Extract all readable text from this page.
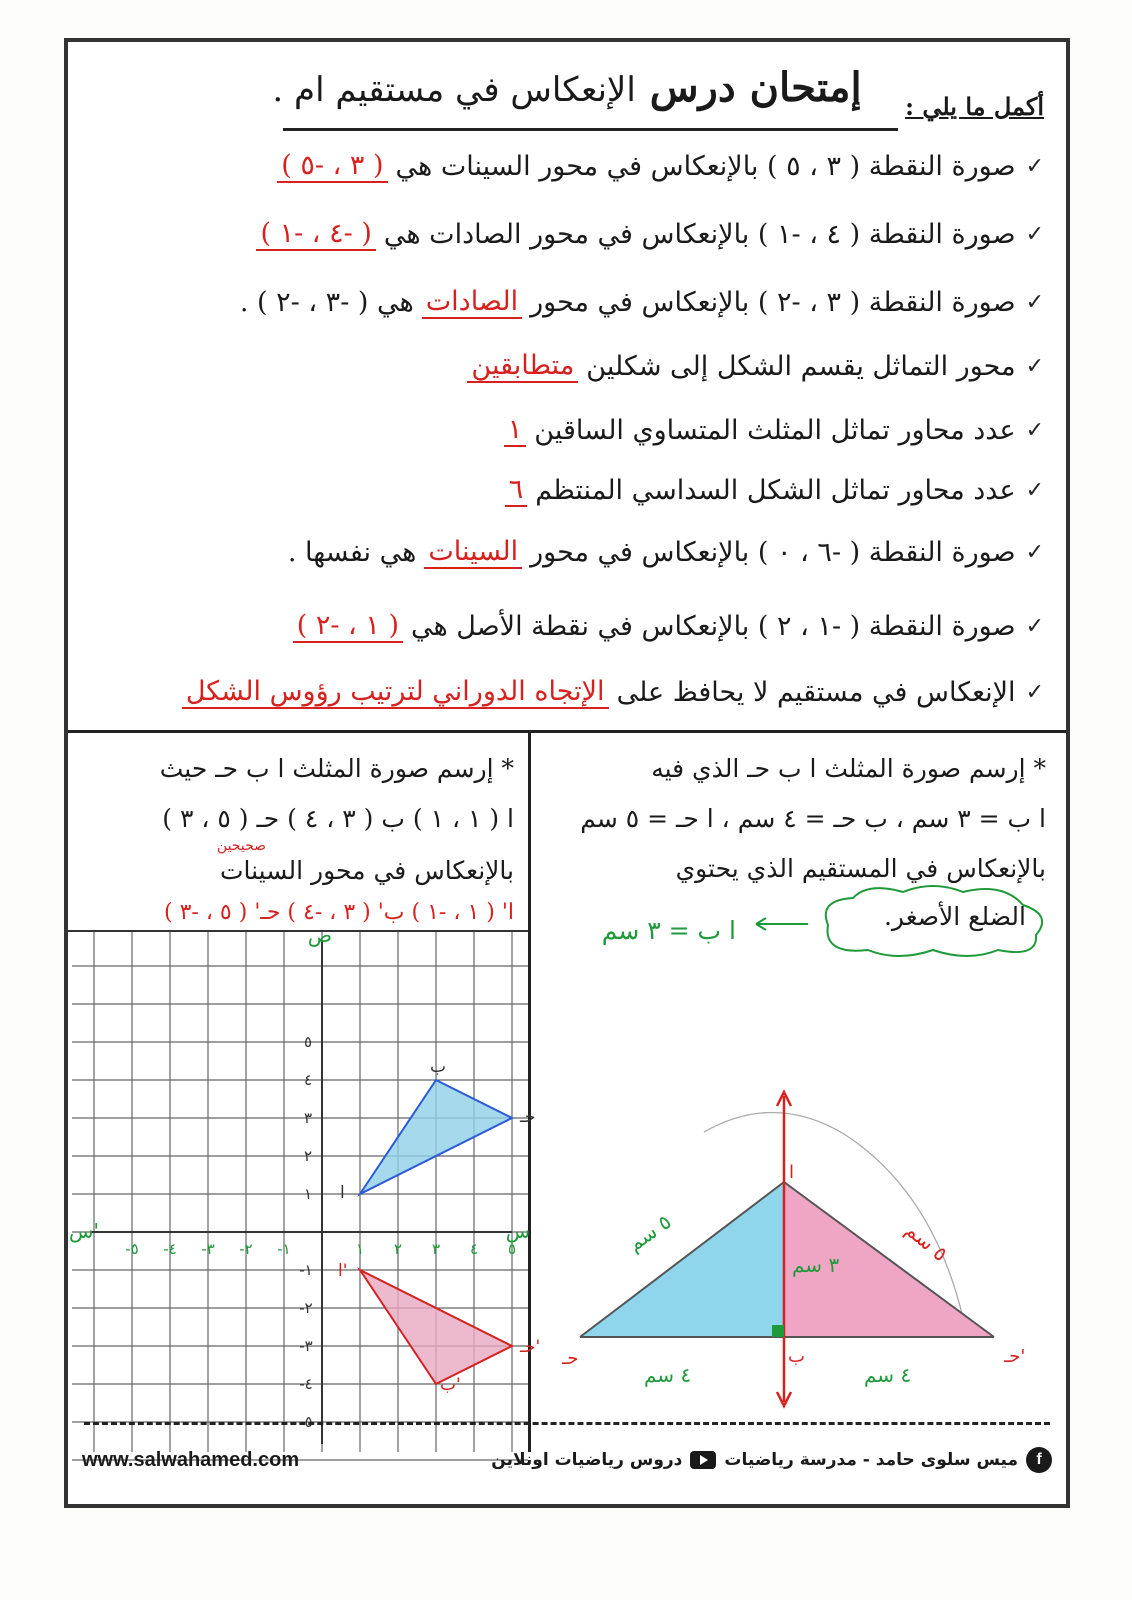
إمتحان درس الإنعكاس في مستقيم ام .	أكمل ما يلي :
✓
صورة النقطة ( ٣ ، ٥ ) بالإنعكاس في محور السينات هي
( ٣ ، -٥ )
✓
صورة النقطة ( ٤ ، -١ ) بالإنعكاس في محور الصادات هي
( -٤ ، -١ )
✓
صورة النقطة ( ٣ ، -٢ ) بالإنعكاس في محور
الصادات
هي ( -٣ ، -٢ ) .
✓
محور التماثل يقسم الشكل إلى شكلين
متطابقين
✓
عدد محاور تماثل المثلث المتساوي الساقين
١
✓
عدد محاور تماثل الشكل السداسي المنتظم
٦
✓
صورة النقطة ( -٦ ، ٠ ) بالإنعكاس في محور
السينات
هي نفسها .
✓
صورة النقطة ( -١ ، ٢ ) بالإنعكاس في نقطة الأصل هي
( ١ ، -٢ )
✓
الإنعكاس في مستقيم لا يحافظ على
الإتجاه الدوراني لترتيب رؤوس الشكل
* إرسم صورة المثلث ا ب حـ حيث
ا ( ١ ، ١ ) ب ( ٣ ، ٤ ) حـ ( ٥ ، ٣ )
صحيحين
بالإنعكاس في محور السينات
ا' ( ١ ، -١ ) ب' ( ٣ ، -٤ ) حـ' ( ٥ ، -٣ )
* إرسم صورة المثلث ا ب حـ الذي فيه
ا ب = ٣ سم ، ب حـ = ٤ سم ، ا حـ = ٥ سم
بالإنعكاس في المستقيم الذي يحتوي
الضلع الأصغر.
ا ب = ٣ سم
١ ٢ ٣ ٤ ٥
-١
-٢
-٣
-٤
-٥
١
٢
٣
٤
٥
-١
-٢
-٣
-٤
-٥
س
س'
ص
ا
ب
حـ
ا'
ب'
حـ'
ا
ب
حـ	حـ'
٥ سم	٥ سم
٣ سم
٤ سم	٤ سم
www.salwahamed.com	f
ميس سلوى حامد - مدرسة رياضيات
دروس رياضيات اونلاين
